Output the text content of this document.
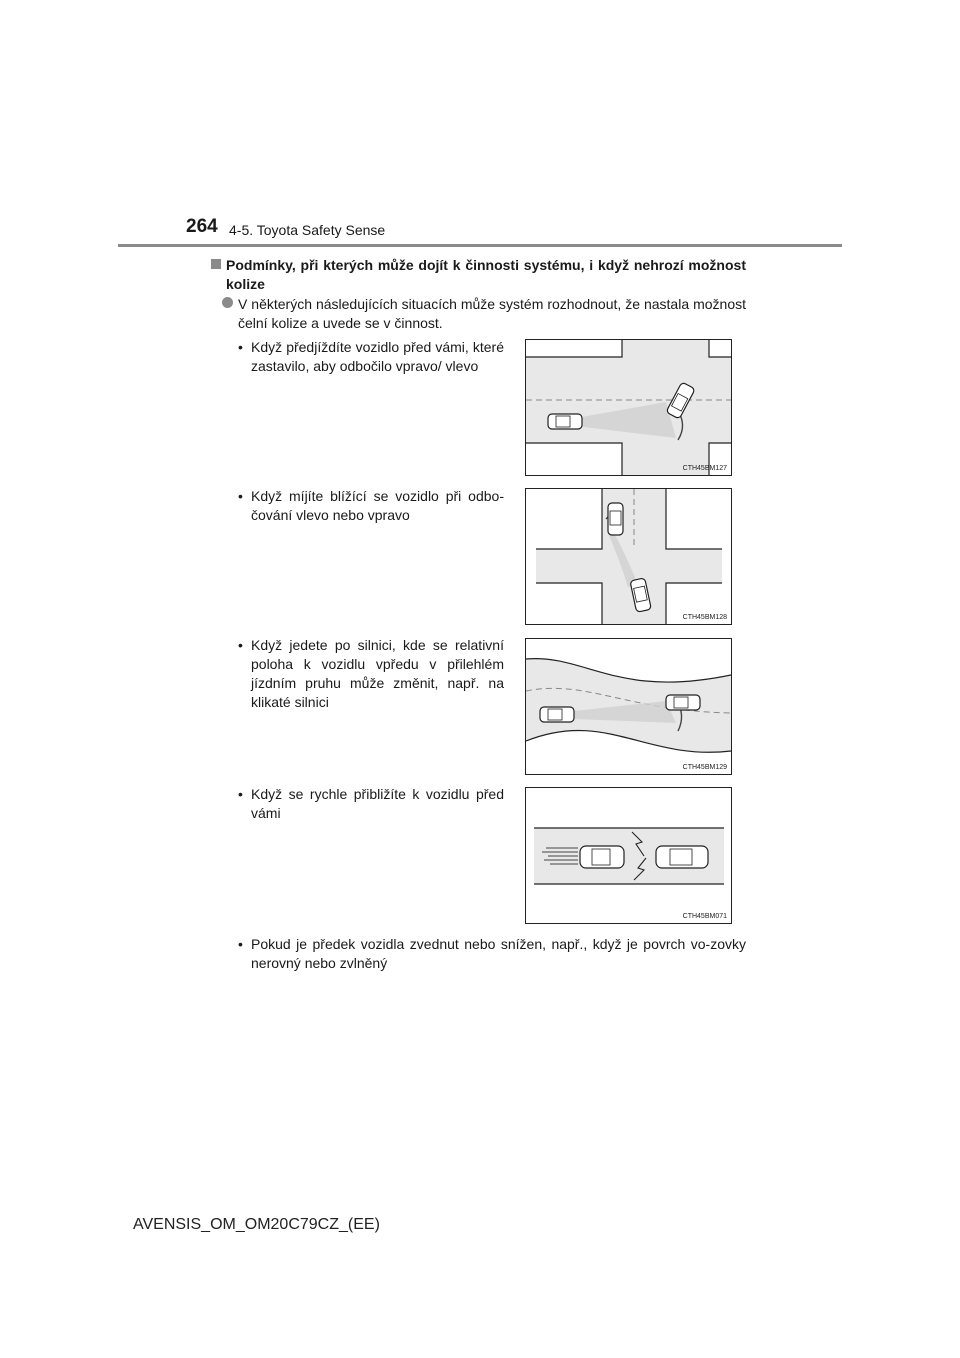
264 4-5. Toyota Safety Sense
Podmínky, při kterých může dojít k činnosti systému, i když nehrozí možnost kolize
V některých následujících situacích může systém rozhodnout, že nastala možnost čelní kolize a uvede se v činnost.
• Když předjíždíte vozidlo před vámi, které zastavilo, aby odbočilo vpravo/ vlevo
CTH45BM127
• Když míjíte blížící se vozidlo při odbo-čování vlevo nebo vpravo
CTH45BM128
• Když jedete po silnici, kde se relativní poloha k vozidlu vpředu v přilehlém jízdním pruhu může změnit, např. na klikaté silnici
CTH45BM129
• Když se rychle přibližíte k vozidlu před vámi
CTH45BM071
• Pokud je předek vozidla zvednut nebo snížen, např., když je povrch vo-zovky nerovný nebo zvlněný
AVENSIS_OM_OM20C79CZ_(EE)
